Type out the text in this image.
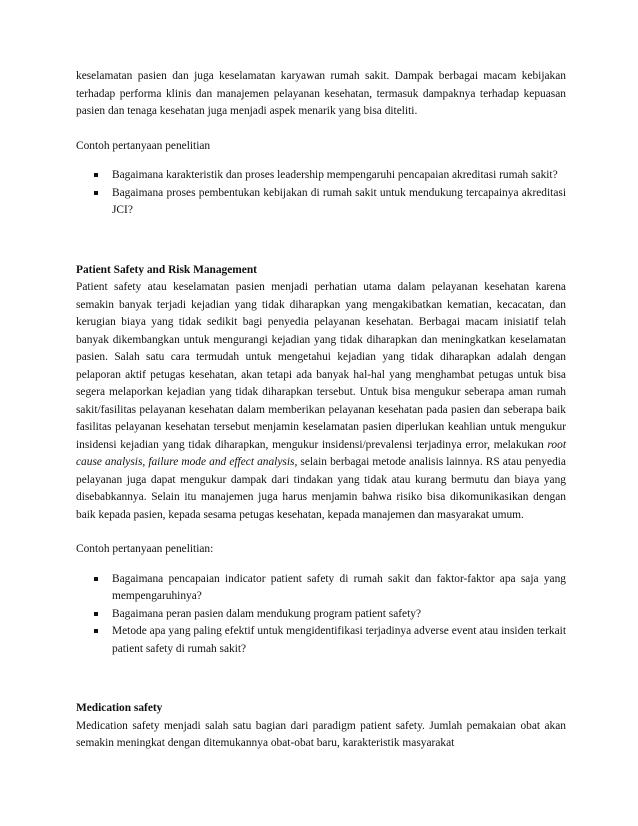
keselamatan pasien dan juga keselamatan karyawan rumah sakit. Dampak berbagai macam kebijakan terhadap performa klinis dan manajemen pelayanan kesehatan, termasuk dampaknya terhadap kepuasan pasien dan tenaga kesehatan juga menjadi aspek menarik yang bisa diteliti.

Contoh pertanyaan penelitian

Bagaimana karakteristik dan proses leadership mempengaruhi pencapaian akreditasi rumah sakit?
Bagaimana proses pembentukan kebijakan di rumah sakit untuk mendukung tercapainya akreditasi JCI?

Patient Safety and Risk Management

Patient safety atau keselamatan pasien menjadi perhatian utama dalam pelayanan kesehatan karena semakin banyak terjadi kejadian yang tidak diharapkan yang mengakibatkan kematian, kecacatan, dan kerugian biaya yang tidak sedikit bagi penyedia pelayanan kesehatan. Berbagai macam inisiatif telah banyak dikembangkan untuk mengurangi kejadian yang tidak diharapkan dan meningkatkan keselamatan pasien. Salah satu cara termudah untuk mengetahui kejadian yang tidak diharapkan adalah dengan pelaporan aktif petugas kesehatan, akan tetapi ada banyak hal-hal yang menghambat petugas untuk bisa segera melaporkan kejadian yang tidak diharapkan tersebut. Untuk bisa mengukur seberapa aman rumah sakit/fasilitas pelayanan kesehatan dalam memberikan pelayanan kesehatan pada pasien dan seberapa baik fasilitas pelayanan kesehatan tersebut menjamin keselamatan pasien diperlukan keahlian untuk mengukur insidensi kejadian yang tidak diharapkan, mengukur insidensi/prevalensi terjadinya error, melakukan root cause analysis, failure mode and effect analysis, selain berbagai metode analisis lainnya. RS atau penyedia pelayanan juga dapat mengukur dampak dari tindakan yang tidak atau kurang bermutu dan biaya yang disebabkannya. Selain itu manajemen juga harus menjamin bahwa risiko bisa dikomunikasikan dengan baik kepada pasien, kepada sesama petugas kesehatan, kepada manajemen dan masyarakat umum.

Contoh pertanyaan penelitian:

Bagaimana pencapaian indicator patient safety di rumah sakit dan faktor-faktor apa saja yang mempengaruhinya?
Bagaimana peran pasien dalam mendukung program patient safety?
Metode apa yang paling efektif untuk mengidentifikasi terjadinya adverse event atau insiden terkait patient safety di rumah sakit?

Medication safety

Medication safety menjadi salah satu bagian dari paradigm patient safety. Jumlah pemakaian obat akan semakin meningkat dengan ditemukannya obat-obat baru, karakteristik masyarakat
